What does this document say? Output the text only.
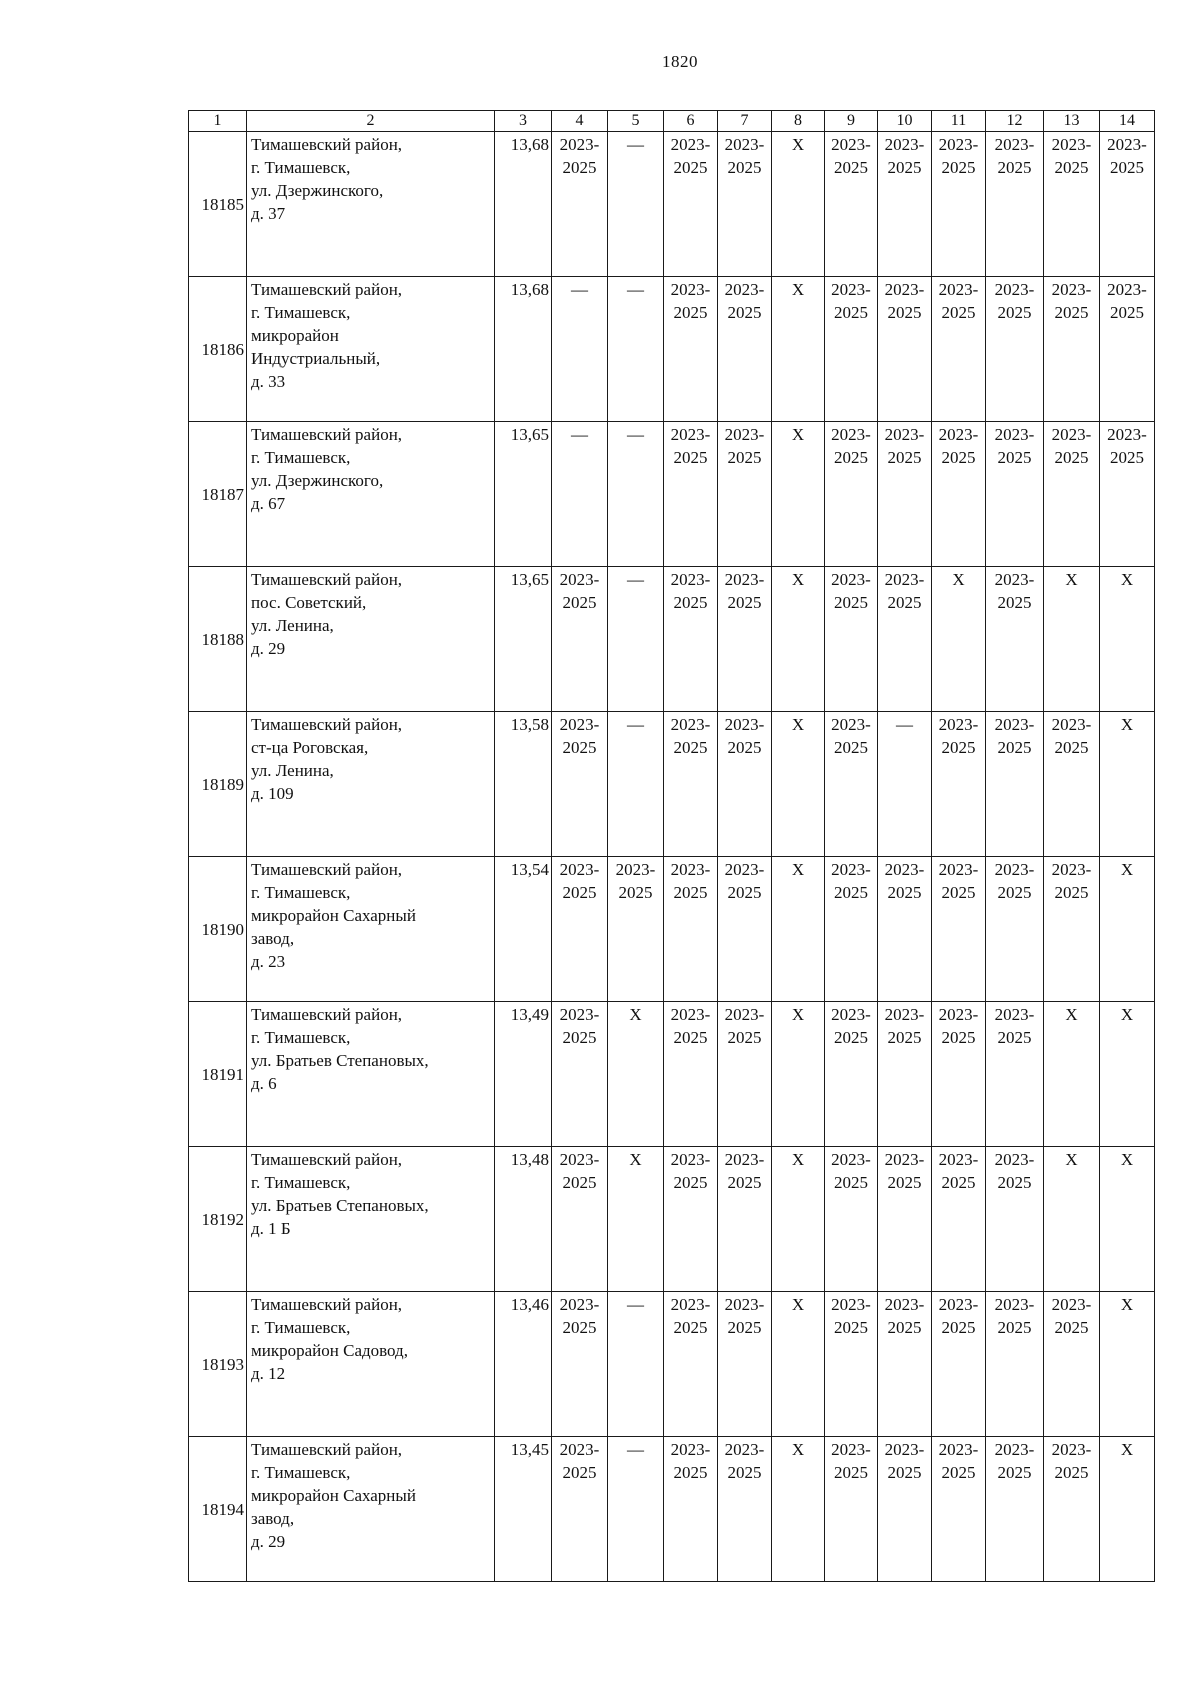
1820
1	2	3	4	5	6	7	8	9	10	11	12	13	14
18185	Тимашевский район,
г. Тимашевск,
ул. Дзержинского,
д. 37	13,68	2023-
2025	—	2023-
2025	2023-
2025	X	2023-
2025	2023-
2025	2023-
2025	2023-
2025	2023-
2025	2023-
2025
18186	Тимашевский район,
г. Тимашевск,
микрорайон
Индустриальный,
д. 33	13,68	—	—	2023-
2025	2023-
2025	X	2023-
2025	2023-
2025	2023-
2025	2023-
2025	2023-
2025	2023-
2025
18187	Тимашевский район,
г. Тимашевск,
ул. Дзержинского,
д. 67	13,65	—	—	2023-
2025	2023-
2025	X	2023-
2025	2023-
2025	2023-
2025	2023-
2025	2023-
2025	2023-
2025
18188	Тимашевский район,
пос. Советский,
ул. Ленина,
д. 29	13,65	2023-
2025	—	2023-
2025	2023-
2025	X	2023-
2025	2023-
2025	X	2023-
2025	X	X
18189	Тимашевский район,
ст-ца Роговская,
ул. Ленина,
д. 109	13,58	2023-
2025	—	2023-
2025	2023-
2025	X	2023-
2025	—	2023-
2025	2023-
2025	2023-
2025	X
18190	Тимашевский район,
г. Тимашевск,
микрорайон Сахарный
завод,
д. 23	13,54	2023-
2025	2023-
2025	2023-
2025	2023-
2025	X	2023-
2025	2023-
2025	2023-
2025	2023-
2025	2023-
2025	X
18191	Тимашевский район,
г. Тимашевск,
ул. Братьев Степановых,
д. 6	13,49	2023-
2025	X	2023-
2025	2023-
2025	X	2023-
2025	2023-
2025	2023-
2025	2023-
2025	X	X
18192	Тимашевский район,
г. Тимашевск,
ул. Братьев Степановых,
д. 1 Б	13,48	2023-
2025	X	2023-
2025	2023-
2025	X	2023-
2025	2023-
2025	2023-
2025	2023-
2025	X	X
18193	Тимашевский район,
г. Тимашевск,
микрорайон Садовод,
д. 12	13,46	2023-
2025	—	2023-
2025	2023-
2025	X	2023-
2025	2023-
2025	2023-
2025	2023-
2025	2023-
2025	X
18194	Тимашевский район,
г. Тимашевск,
микрорайон Сахарный
завод,
д. 29	13,45	2023-
2025	—	2023-
2025	2023-
2025	X	2023-
2025	2023-
2025	2023-
2025	2023-
2025	2023-
2025	X
